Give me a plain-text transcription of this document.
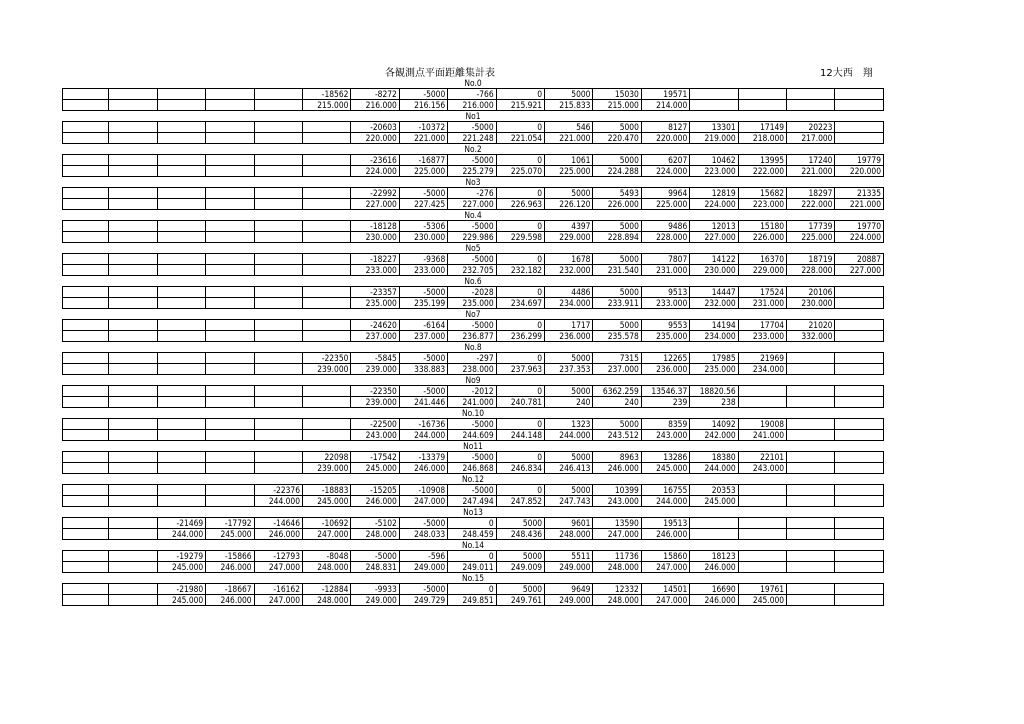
各観測点平面距離集計表	12大西　翔
No.0																
					-18562	-8272	-5000	-766	0	5000	15030	19571				
					215.000	216.000	216.156	216.000	215.921	215.833	215.000	214.000				
No1																
						-20603	-10372	-5000	0	546	5000	8127	13301	17149	20223	
						220.000	221.000	221.248	221.054	221.000	220.470	220.000	219.000	218.000	217.000	
No.2																
						-23616	-16877	-5000	0	1061	5000	6207	10462	13995	17240	19779
						224.000	225.000	225.279	225.070	225.000	224.288	224.000	223.000	222.000	221.000	220.000
No3																
						-22992	-5000	-276	0	5000	5493	9964	12819	15682	18297	21335
						227.000	227.425	227.000	226.963	226.120	226.000	225.000	224.000	223.000	222.000	221.000
No.4																
						-18128	-5306	-5000	0	4397	5000	9486	12013	15180	17739	19770
						230.000	230.000	229.986	229.598	229.000	228.894	228.000	227.000	226.000	225.000	224.000
No5																
						-18227	-9368	-5000	0	1678	5000	7807	14122	16370	18719	20887
						233.000	233.000	232.705	232.182	232.000	231.540	231.000	230.000	229.000	228.000	227.000
No.6																
						-23357	-5000	-2028	0	4486	5000	9513	14447	17524	20106	
						235.000	235.199	235.000	234.697	234.000	233.911	233.000	232.000	231.000	230.000	
No7																
						-24620	-6164	-5000	0	1717	5000	9553	14194	17704	21020	
						237.000	237.000	236.877	236.299	236.000	235.578	235.000	234.000	233.000	332.000	
No.8																
					-22350	-5845	-5000	-297	0	5000	7315	12265	17985	21969		
					239.000	239.000	338.883	238.000	237.963	237.353	237.000	236.000	235.000	234.000		
No9																
						-22350	-5000	-2012	0	5000	6362.259	13546.37	18820.56			
						239.000	241.446	241.000	240.781	240	240	239	238			
No.10																
						-22500	-16736	-5000	0	1323	5000	8359	14092	19008		
						243.000	244.000	244.609	244.148	244.000	243.512	243.000	242.000	241.000		
No11																
					22098	-17542	-13379	-5000	0	5000	8963	13286	18380	22101		
					239.000	245.000	246.000	246.868	246.834	246.413	246.000	245.000	244.000	243.000		
No.12																
				-22376	-18883	-15205	-10908	-5000	0	5000	10399	16755	20353			
				244.000	245.000	246.000	247.000	247.494	247.852	247.743	243.000	244.000	245.000			
No13																
		-21469	-17792	-14646	-10692	-5102	-5000	0	5000	9601	13590	19513				
		244.000	245.000	246.000	247.000	248.000	248.033	248.459	248.436	248.000	247.000	246.000				
No.14																
		-19279	-15866	-12793	-8048	-5000	-596	0	5000	5511	11736	15860	18123			
		245.000	246.000	247.000	248.000	248.831	249.000	249.011	249.009	249.000	248.000	247.000	246.000			
No.15																
		-21980	-18667	-16162	-12884	-9933	-5000	0	5000	9649	12332	14501	16690	19761		
		245.000	246.000	247.000	248.000	249.000	249.729	249.851	249.761	249.000	248.000	247.000	246.000	245.000		
